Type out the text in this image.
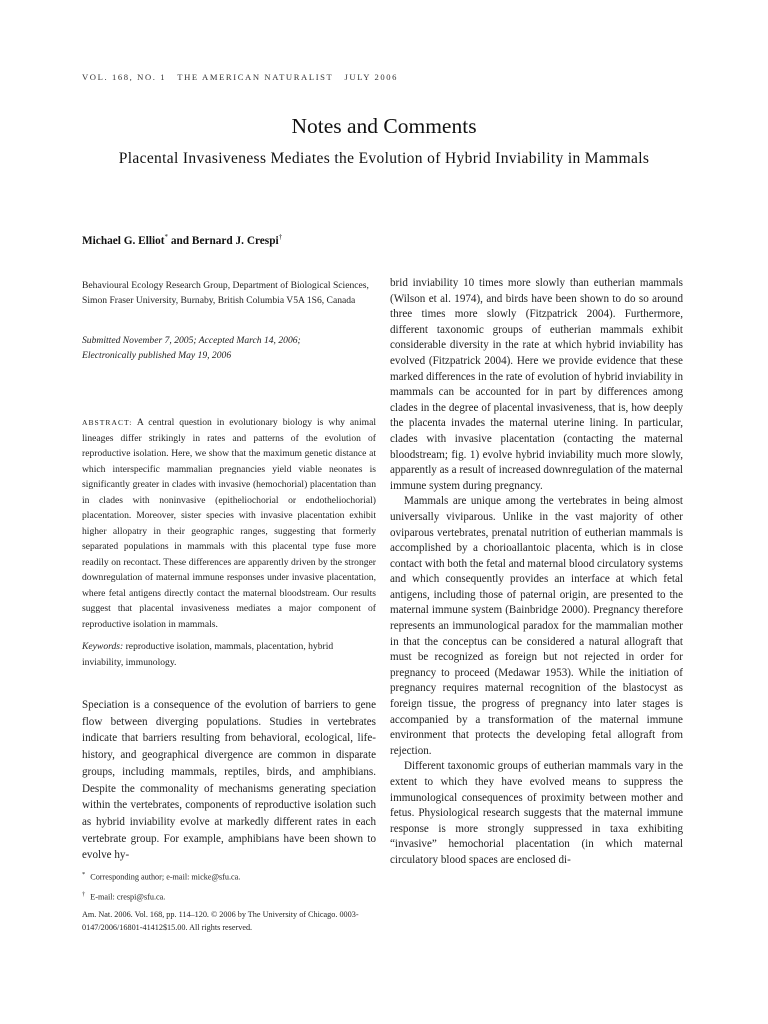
VOL. 168, NO. 1   THE AMERICAN NATURALIST   JULY 2006
Notes and Comments
Placental Invasiveness Mediates the Evolution of Hybrid Inviability in Mammals
Michael G. Elliot* and Bernard J. Crespi†
Behavioural Ecology Research Group, Department of Biological Sciences, Simon Fraser University, Burnaby, British Columbia V5A 1S6, Canada
Submitted November 7, 2005; Accepted March 14, 2006;
Electronically published May 19, 2006
ABSTRACT: A central question in evolutionary biology is why animal lineages differ strikingly in rates and patterns of the evolution of reproductive isolation. Here, we show that the maximum genetic distance at which interspecific mammalian pregnancies yield viable neonates is significantly greater in clades with invasive (hemochorial) placentation than in clades with noninvasive (epitheliochorial or endotheliochorial) placentation. Moreover, sister species with invasive placentation exhibit higher allopatry in their geographic ranges, suggesting that formerly separated populations in mammals with this placental type fuse more readily on recontact. These differences are apparently driven by the stronger downregulation of maternal immune responses under invasive placentation, where fetal antigens directly contact the maternal bloodstream. Our results suggest that placental invasiveness mediates a major component of reproductive isolation in mammals.
Keywords: reproductive isolation, mammals, placentation, hybrid inviability, immunology.
Speciation is a consequence of the evolution of barriers to gene flow between diverging populations. Studies in vertebrates indicate that barriers resulting from behavioral, ecological, life-history, and geographical divergence are common in disparate groups, including mammals, reptiles, birds, and amphibians. Despite the commonality of mechanisms generating speciation within the vertebrates, components of reproductive isolation such as hybrid inviability evolve at markedly different rates in each vertebrate group. For example, amphibians have been shown to evolve hy-

* Corresponding author; e-mail: micke@sfu.ca.

† E-mail: crespi@sfu.ca.

Am. Nat. 2006. Vol. 168, pp. 114–120. © 2006 by The University of Chicago. 0003-0147/2006/16801-41412$15.00. All rights reserved.

brid inviability 10 times more slowly than eutherian mammals (Wilson et al. 1974), and birds have been shown to do so around three times more slowly (Fitzpatrick 2004). Furthermore, different taxonomic groups of eutherian mammals exhibit considerable diversity in the rate at which hybrid inviability has evolved (Fitzpatrick 2004). Here we provide evidence that these marked differences in the rate of evolution of hybrid inviability in mammals can be accounted for in part by differences among clades in the degree of placental invasiveness, that is, how deeply the placenta invades the maternal uterine lining. In particular, clades with invasive placentation (contacting the maternal bloodstream; fig. 1) evolve hybrid inviability much more slowly, apparently as a result of increased downregulation of the maternal immune system during pregnancy.

Mammals are unique among the vertebrates in being almost universally viviparous. Unlike in the vast majority of other oviparous vertebrates, prenatal nutrition of eutherian mammals is accomplished by a chorioallantoic placenta, which is in close contact with both the fetal and maternal blood circulatory systems and which consequently provides an interface at which fetal antigens, including those of paternal origin, are presented to the maternal immune system (Bainbridge 2000). Pregnancy therefore represents an immunological paradox for the mammalian mother in that the conceptus can be considered a natural allograft that must be recognized as foreign but not rejected in order for pregnancy to proceed (Medawar 1953). While the initiation of pregnancy requires maternal recognition of the blastocyst as foreign tissue, the progress of pregnancy into later stages is accompanied by a transformation of the maternal immune environment that protects the developing fetal allograft from rejection.

Different taxonomic groups of eutherian mammals vary in the extent to which they have evolved means to suppress the immunological consequences of proximity between mother and fetus. Physiological research suggests that the maternal immune response is more strongly suppressed in taxa exhibiting “invasive” hemochorial placentation (in which maternal circulatory blood spaces are enclosed di-
